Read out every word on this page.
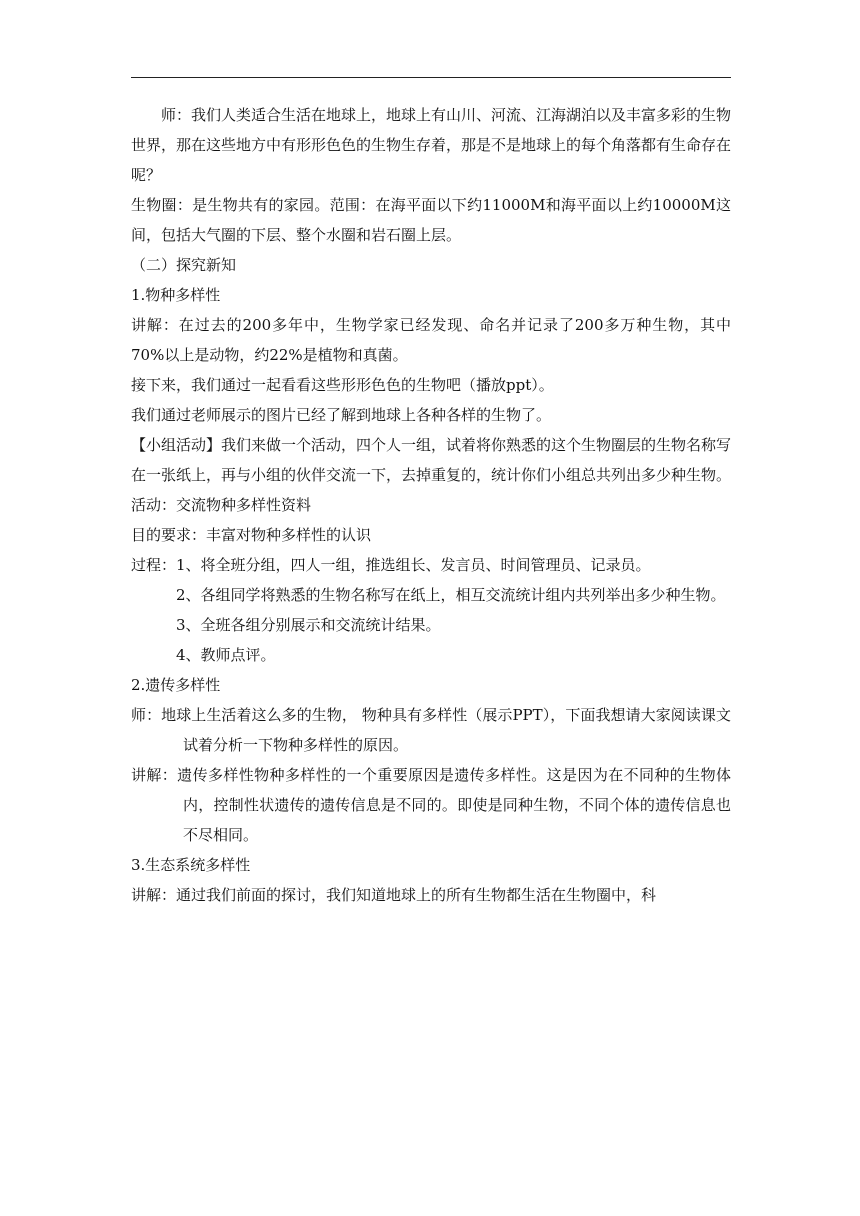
师：我们人类适合生活在地球上，地球上有山川、河流、江海湖泊以及丰富多彩的生物世界，那在这些地方中有形形色色的生物生存着，那是不是地球上的每个角落都有生命存在呢？

生物圈：是生物共有的家园。范围：在海平面以下约11000M和海平面以上约10000M这间，包括大气圈的下层、整个水圈和岩石圈上层。

（二）探究新知

1.物种多样性

讲解：在过去的200多年中，生物学家已经发现、命名并记录了200多万种生物，其中70%以上是动物，约22%是植物和真菌。

接下来，我们通过一起看看这些形形色色的生物吧（播放ppt）。

我们通过老师展示的图片已经了解到地球上各种各样的生物了。

【小组活动】我们来做一个活动，四个人一组，试着将你熟悉的这个生物圈层的生物名称写在一张纸上，再与小组的伙伴交流一下，去掉重复的，统计你们小组总共列出多少种生物。

活动：交流物种多样性资料

目的要求：丰富对物种多样性的认识

过程：1、将全班分组，四人一组，推选组长、发言员、时间管理员、记录员。

2、各组同学将熟悉的生物名称写在纸上，相互交流统计组内共列举出多少种生物。

3、全班各组分别展示和交流统计结果。

4、教师点评。

2.遗传多样性

师：地球上生活着这么多的生物， 物种具有多样性（展示PPT），下面我想请大家阅读课文试着分析一下物种多样性的原因。

讲解：遗传多样性物种多样性的一个重要原因是遗传多样性。这是因为在不同种的生物体内，控制性状遗传的遗传信息是不同的。即使是同种生物，不同个体的遗传信息也不尽相同。

3.生态系统多样性

讲解：通过我们前面的探讨，我们知道地球上的所有生物都生活在生物圈中，科
